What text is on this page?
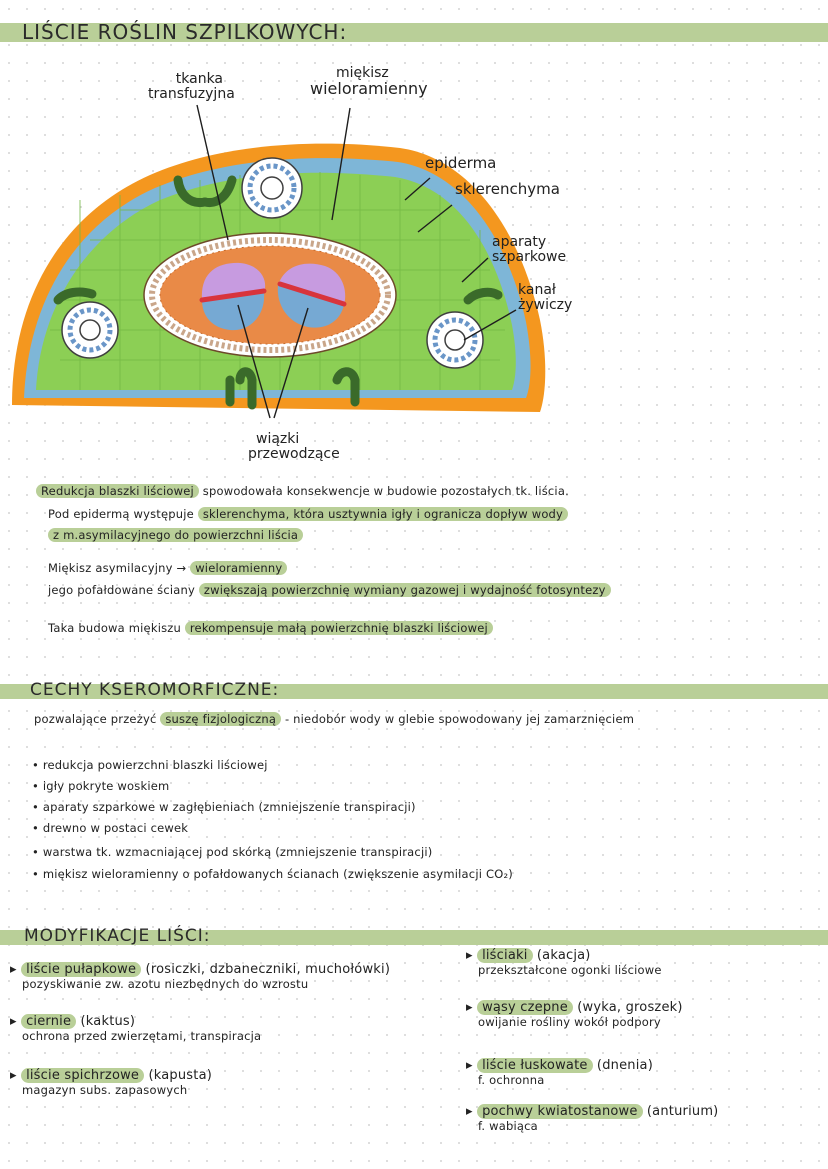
LIŚCIE ROŚLIN SZPILKOWYCH:
tkanka
transfuzyjna
miękisz
wieloramienny
epiderma
sklerenchyma
aparaty
szparkowe
kanał
żywiczy
wiązki
przewodzące
Redukcja blaszki liściowej spowodowała konsekwencje w budowie pozostałych tk. liścia.
Pod epidermą występuje sklerenchyma, która usztywnia igły i ogranicza dopływ wody
z m.asymilacyjnego do powierzchni liścia
Miękisz asymilacyjny → wieloramienny
jego pofałdowane ściany zwiększają powierzchnię wymiany gazowej i wydajność fotosyntezy
Taka budowa miękiszu rekompensuje małą powierzchnię blaszki liściowej
CECHY KSEROMORFICZNE:
pozwalające przeżyć suszę fizjologiczną - niedobór wody w glebie spowodowany jej zamarznięciem
• redukcja powierzchni blaszki liściowej
• igły pokryte woskiem
• aparaty szparkowe w zagłębieniach (zmniejszenie transpiracji)
• drewno w postaci cewek
• warstwa tk. wzmacniającej pod skórką (zmniejszenie transpiracji)
• miękisz wieloramienny o pofałdowanych ścianach (zwiększenie asymilacji CO₂)
MODYFIKACJE LIŚCI:
▸ liście pułapkowe (rosiczki, dzbaneczniki, muchołówki)
pozyskiwanie zw. azotu niezbędnych do wzrostu
▸ ciernie (kaktus)
ochrona przed zwierzętami, transpiracja
▸ liście spichrzowe (kapusta)
magazyn subs. zapasowych
▸ liściaki (akacja)
przekształcone ogonki liściowe
▸ wąsy czepne (wyka, groszek)
owijanie rośliny wokół podpory
▸ liście łuskowate (dnenia)
f. ochronna
▸ pochwy kwiatostanowe (anturium)
f. wabiąca
